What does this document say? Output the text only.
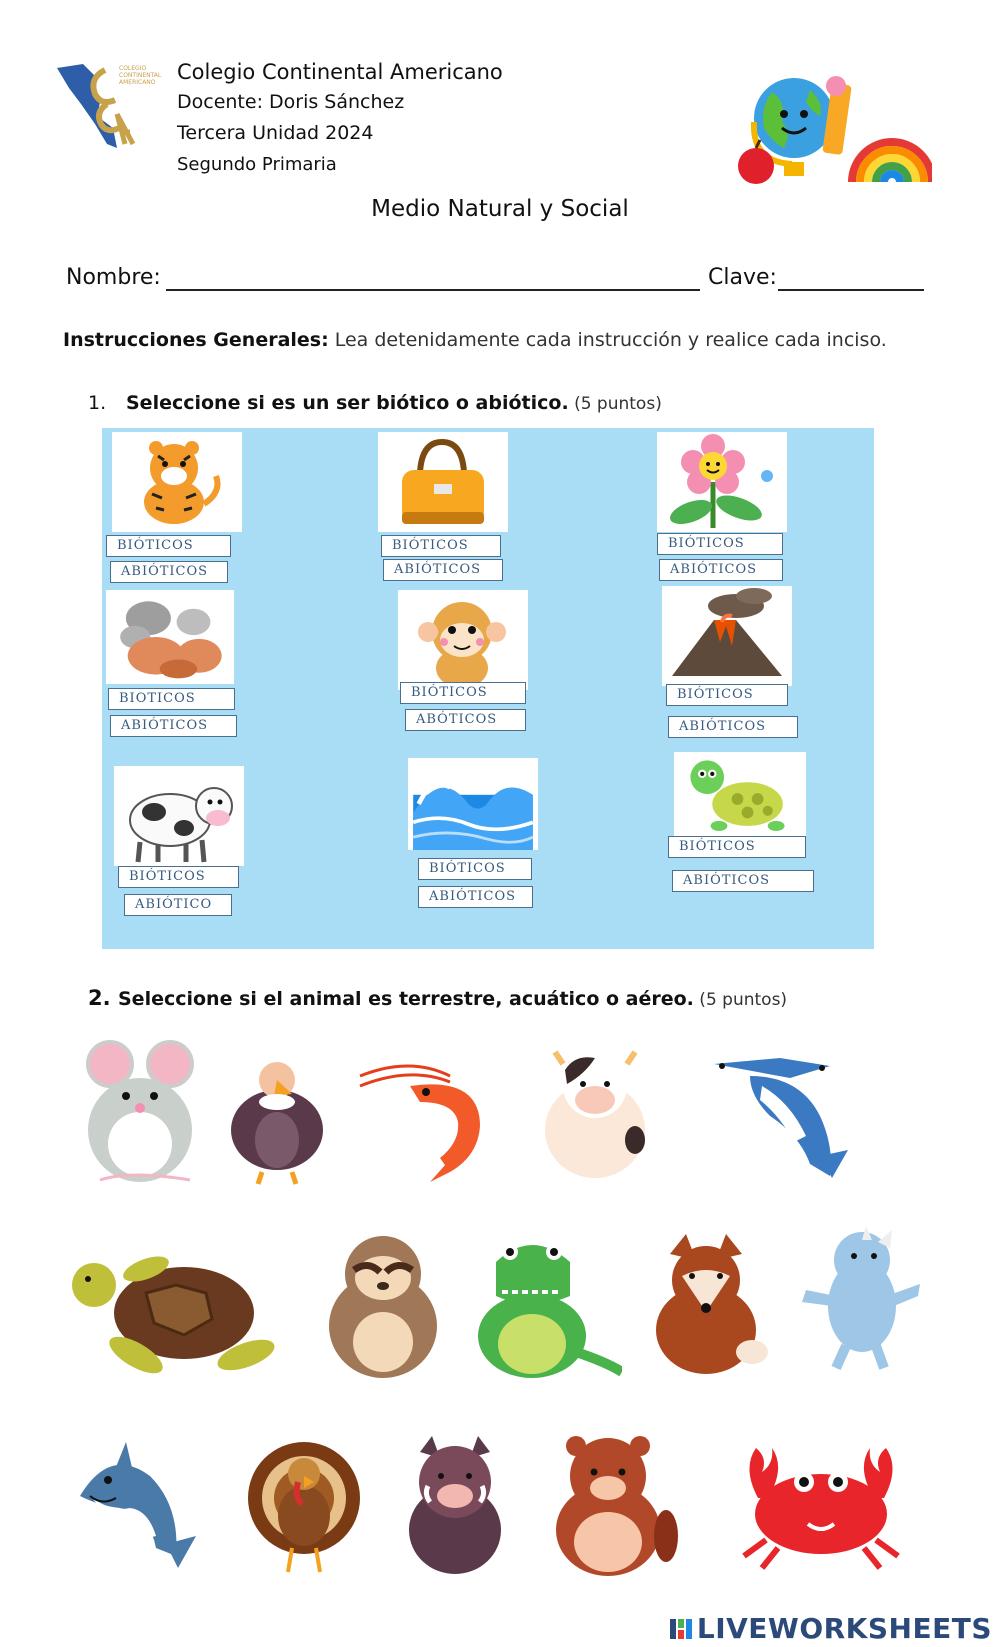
COLEGIO
CONTINENTAL
AMERICANO Colegio Continental Americano
Docente: Doris Sánchez
Tercera Unidad 2024
Segundo Primaria
Medio Natural y Social
Nombre:	Clave:
Instrucciones Generales: Lea detenidamente cada instrucción y realice cada inciso.
1. Seleccione si es un ser biótico o abiótico. (5 puntos)
BIÓTICOS
ABIÓTICOS
BIÓTICOS
ABIÓTICOS
BIÓTICOS
ABIÓTICOS
BIOTICOS
ABIÓTICOS
BIÓTICOS
ABÓTICOS
BIÓTICOS
ABIÓTICOS
BIÓTICOS
ABIÓTICO
BIÓTICOS
ABIÓTICOS
BIÓTICOS
ABIÓTICOS
2. Seleccione si el animal es terrestre, acuático o aéreo. (5 puntos)
LIVEWORKSHEETS
